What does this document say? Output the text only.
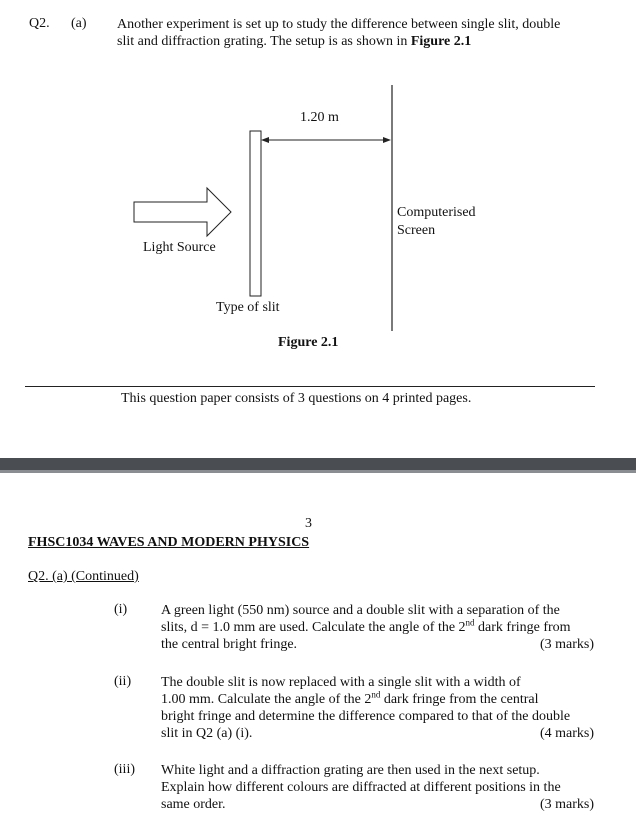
Q2. (a) Another experiment is set up to study the difference between single slit, double
slit and diffraction grating. The setup is as shown in Figure 2.1
1.20 m
Computerised
Screen
Light Source
Type of slit
Figure 2.1
This question paper consists of 3 questions on 4 printed pages.
3
FHSC1034 WAVES AND MODERN PHYSICS
Q2. (a) (Continued)
(i) A green light (550 nm) source and a double slit with a separation of the
slits, d = 1.0 mm are used. Calculate the angle of the 2nd dark fringe from
the central bright fringe.	(3 marks)
(ii) The double slit is now replaced with a single slit with a width of
1.00 mm. Calculate the angle of the 2nd dark fringe from the central
bright fringe and determine the difference compared to that of the double
slit in Q2 (a) (i).	(4 marks)
(iii) White light and a diffraction grating are then used in the next setup.
Explain how different colours are diffracted at different positions in the
same order.	(3 marks)
